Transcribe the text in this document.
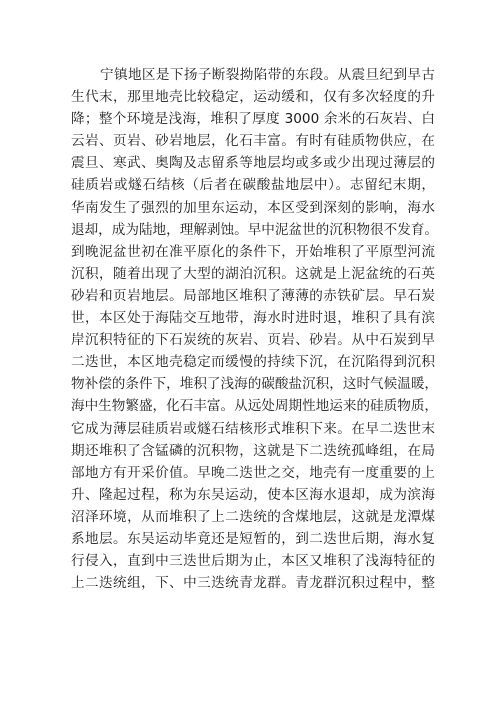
宁镇地区是下扬子断裂拗陷带的东段。从震旦纪到早古
生代末，那里地壳比较稳定，运动缓和，仅有多次轻度的升
降；整个环境是浅海，堆积了厚度 3000 余米的石灰岩、白
云岩、页岩、砂岩地层，化石丰富。有时有硅质物供应，在
震旦、寒武、奥陶及志留系等地层均或多或少出现过薄层的
硅质岩或燧石结核（后者在碳酸盐地层中）。志留纪末期，
华南发生了强烈的加里东运动，本区受到深刻的影响，海水
退却，成为陆地，理解剥蚀。早中泥盆世的沉积物很不发育。
到晚泥盆世初在准平原化的条件下，开始堆积了平原型河流
沉积，随着出现了大型的湖泊沉积。这就是上泥盆统的石英
砂岩和页岩地层。局部地区堆积了薄薄的赤铁矿层。早石炭
世，本区处于海陆交互地带，海水时进时退，堆积了具有滨
岸沉积特征的下石炭统的灰岩、页岩、砂岩。从中石炭到早
二迭世，本区地壳稳定而缓慢的持续下沉，在沉陷得到沉积
物补偿的条件下，堆积了浅海的碳酸盐沉积，这时气候温暖，
海中生物繁盛，化石丰富。从远处周期性地运来的硅质物质，
它成为薄层硅质岩或燧石结核形式堆积下来。在早二迭世末
期还堆积了含锰磷的沉积物，这就是下二迭统孤峰组，在局
部地方有开采价值。早晚二迭世之交，地壳有一度重要的上
升、隆起过程，称为东吴运动，使本区海水退却，成为滨海
沼泽环境，从而堆积了上二迭统的含煤地层，这就是龙潭煤
系地层。东吴运动毕竟还是短暂的，到二迭世后期，海水复
行侵入，直到中三迭世后期为止，本区又堆积了浅海特征的
上二迭统组，下、中三迭统青龙群。青龙群沉积过程中，整
